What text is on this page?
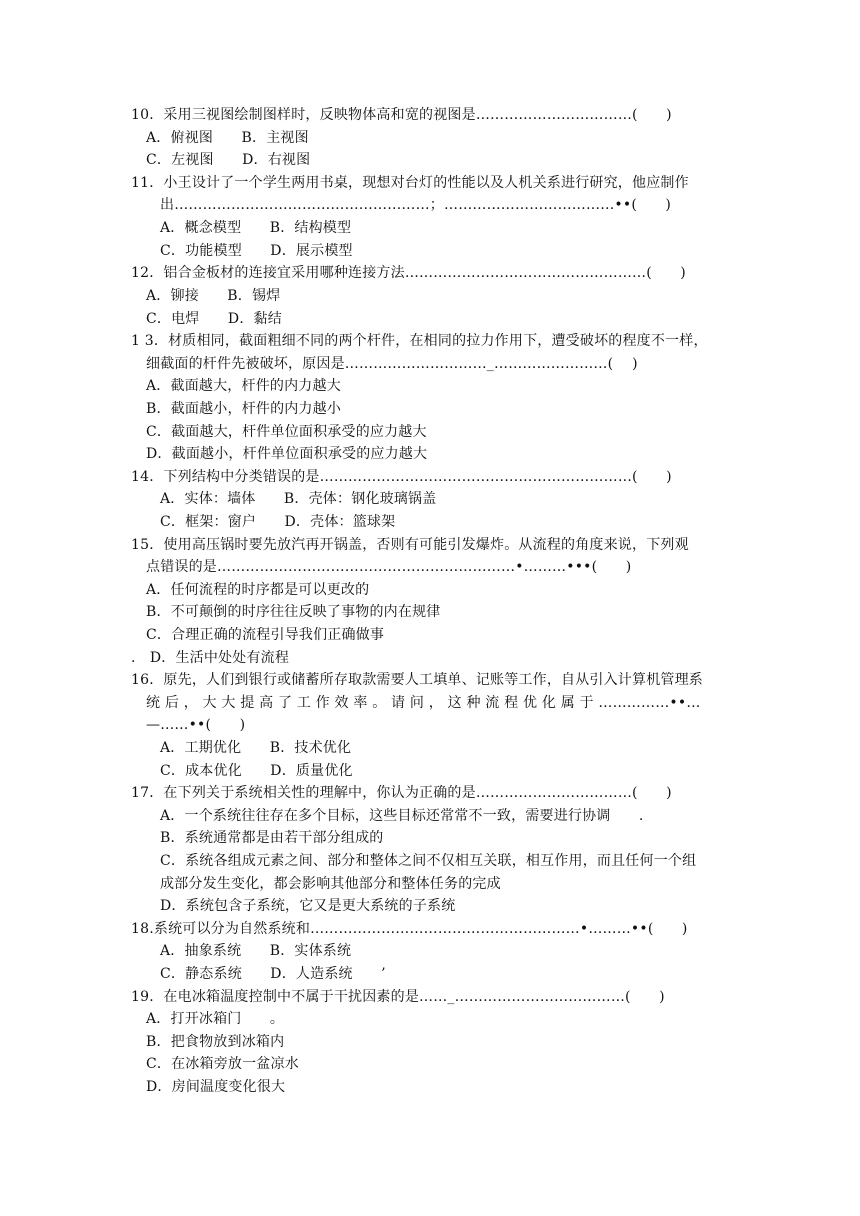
10．采用三视图绘制图样时，反映物体高和宽的视图是……………………………(　　)
A．俯视图　　B．主视图
C．左视图　　D．右视图
11．小王设计了一个学生两用书桌，现想对台灯的性能以及人机关系进行研究，他应制作
出………………………………………………；………………………………••(　　)
A．概念模型　　B．结构模型
C．功能模型　　D．展示模型
12．铝合金板材的连接宜采用哪种连接方法……………………………………………(　　)
A．铆接　　B．锡焊
C．电焊　　D．黏结
1 3．材质相同，截面粗细不同的两个杆件，在相同的拉力作用下，遭受破坏的程度不一样，
细截面的杆件先被破坏，原因是…………………………_……………………( 　)
A．截面越大，杆件的内力越大
B．截面越小，杆件的内力越小
C．截面越大，杆件单位面积承受的应力越大
D．截面越小，杆件单位面积承受的应力越大
14．下列结构中分类错误的是…………………………………………………………(　　)
A．实体：墙体　　B．壳体：钢化玻璃锅盖
C．框架：窗户　　D．壳体：篮球架
15．使用高压锅时要先放汽再开锅盖，否则有可能引发爆炸。从流程的角度来说，下列观
点错误的是………………………………………………………•………•••(　　)
A．任何流程的时序都是可以更改的
B．不可颠倒的时序往往反映了事物的内在规律
C．合理正确的流程引导我们正确做事
.　D．生活中处处有流程
16．原先，人们到银行或储蓄所存取款需要人工填单、记账等工作，自从引入计算机管理系
统 后 ， 大 大 提 高 了 工 作 效 率 。 请 问 ， 这 种 流 程 优 化 属 于 ……………••…
—……••(　　)
A．工期优化　　B．技术优化
C．成本优化　　D．质量优化
17．在下列关于系统相关性的理解中，你认为正确的是……………………………(　　)
A．一个系统往往存在多个目标，这些目标还常常不一致，需要进行协调　　.
B．系统通常都是由若干部分组成的
C．系统各组成元素之间、部分和整体之间不仅相互关联，相互作用，而且任何一个组
成部分发生变化，都会影响其他部分和整体任务的完成
D．系统包含子系统，它又是更大系统的子系统
18.系统可以分为自然系统和…………………………………………………•………••(　　)
A．抽象系统　　B．实体系统
C．静态系统　　D．人造系统　　’
19．在电冰箱温度控制中不属于干扰因素的是……_………………………………(　　)
A．打开冰箱门　　。
B．把食物放到冰箱内
C．在冰箱旁放一盆凉水
D．房间温度变化很大
